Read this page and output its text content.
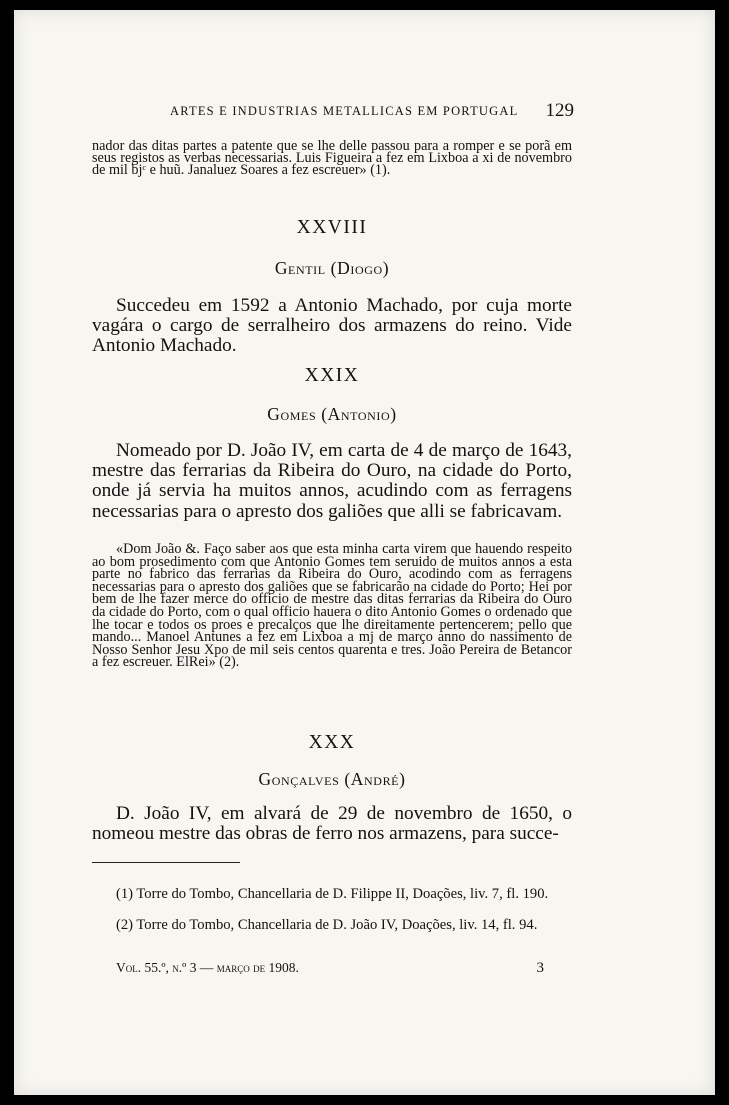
ARTES E INDUSTRIAS METALLICAS EM PORTUGAL 129

nador das ditas partes a patente que se lhe delle passou para a romper e se porã em seus registos as verbas necessarias. Luis Figueira a fez em Lixboa a xi de novembro de mil bjᶜ e huũ. Janaluez Soares a fez escreuer» (1).

XXVIII
Gentil (Diogo)

Succedeu em 1592 a Antonio Machado, por cuja morte vagára o cargo de serralheiro dos armazens do reino. Vide Antonio Machado.

XXIX
Gomes (Antonio)

Nomeado por D. João IV, em carta de 4 de março de 1643, mestre das ferrarias da Ribeira do Ouro, na cidade do Porto, onde já servia ha muitos annos, acudindo com as ferragens necessarias para o apresto dos galiões que alli se fabricavam.

«Dom João &. Faço saber aos que esta minha carta virem que hauendo respeito ao bom prosedimento com que Antonio Gomes tem seruido de muitos annos a esta parte no fabrico das ferrarias da Ribeira do Ouro, acodindo com as ferragens necessarias para o apresto dos galiões que se fabricarão na cidade do Porto; Hei por bem de lhe fazer merce do officio de mestre das ditas ferrarias da Ribeira do Ouro da cidade do Porto, com o qual officio hauera o dito Antonio Gomes o ordenado que lhe tocar e todos os proes e precalços que lhe direitamente pertencerem; pello que mando... Manoel Antunes a fez em Lixboa a mj de março anno do nassimento de Nosso Senhor Jesu Xpo de mil seis centos quarenta e tres. João Pereira de Betancor a fez escreuer. ElRei» (2).

XXX
Gonçalves (André)

D. João IV, em alvará de 29 de novembro de 1650, o nomeou mestre das obras de ferro nos armazens, para succe-

(1) Torre do Tombo, Chancellaria de D. Filippe II, Doações, liv. 7, fl. 190.

(2) Torre do Tombo, Chancellaria de D. João IV, Doações, liv. 14, fl. 94.

Vol. 55.º, n.º 3 — março de 1908.	3
